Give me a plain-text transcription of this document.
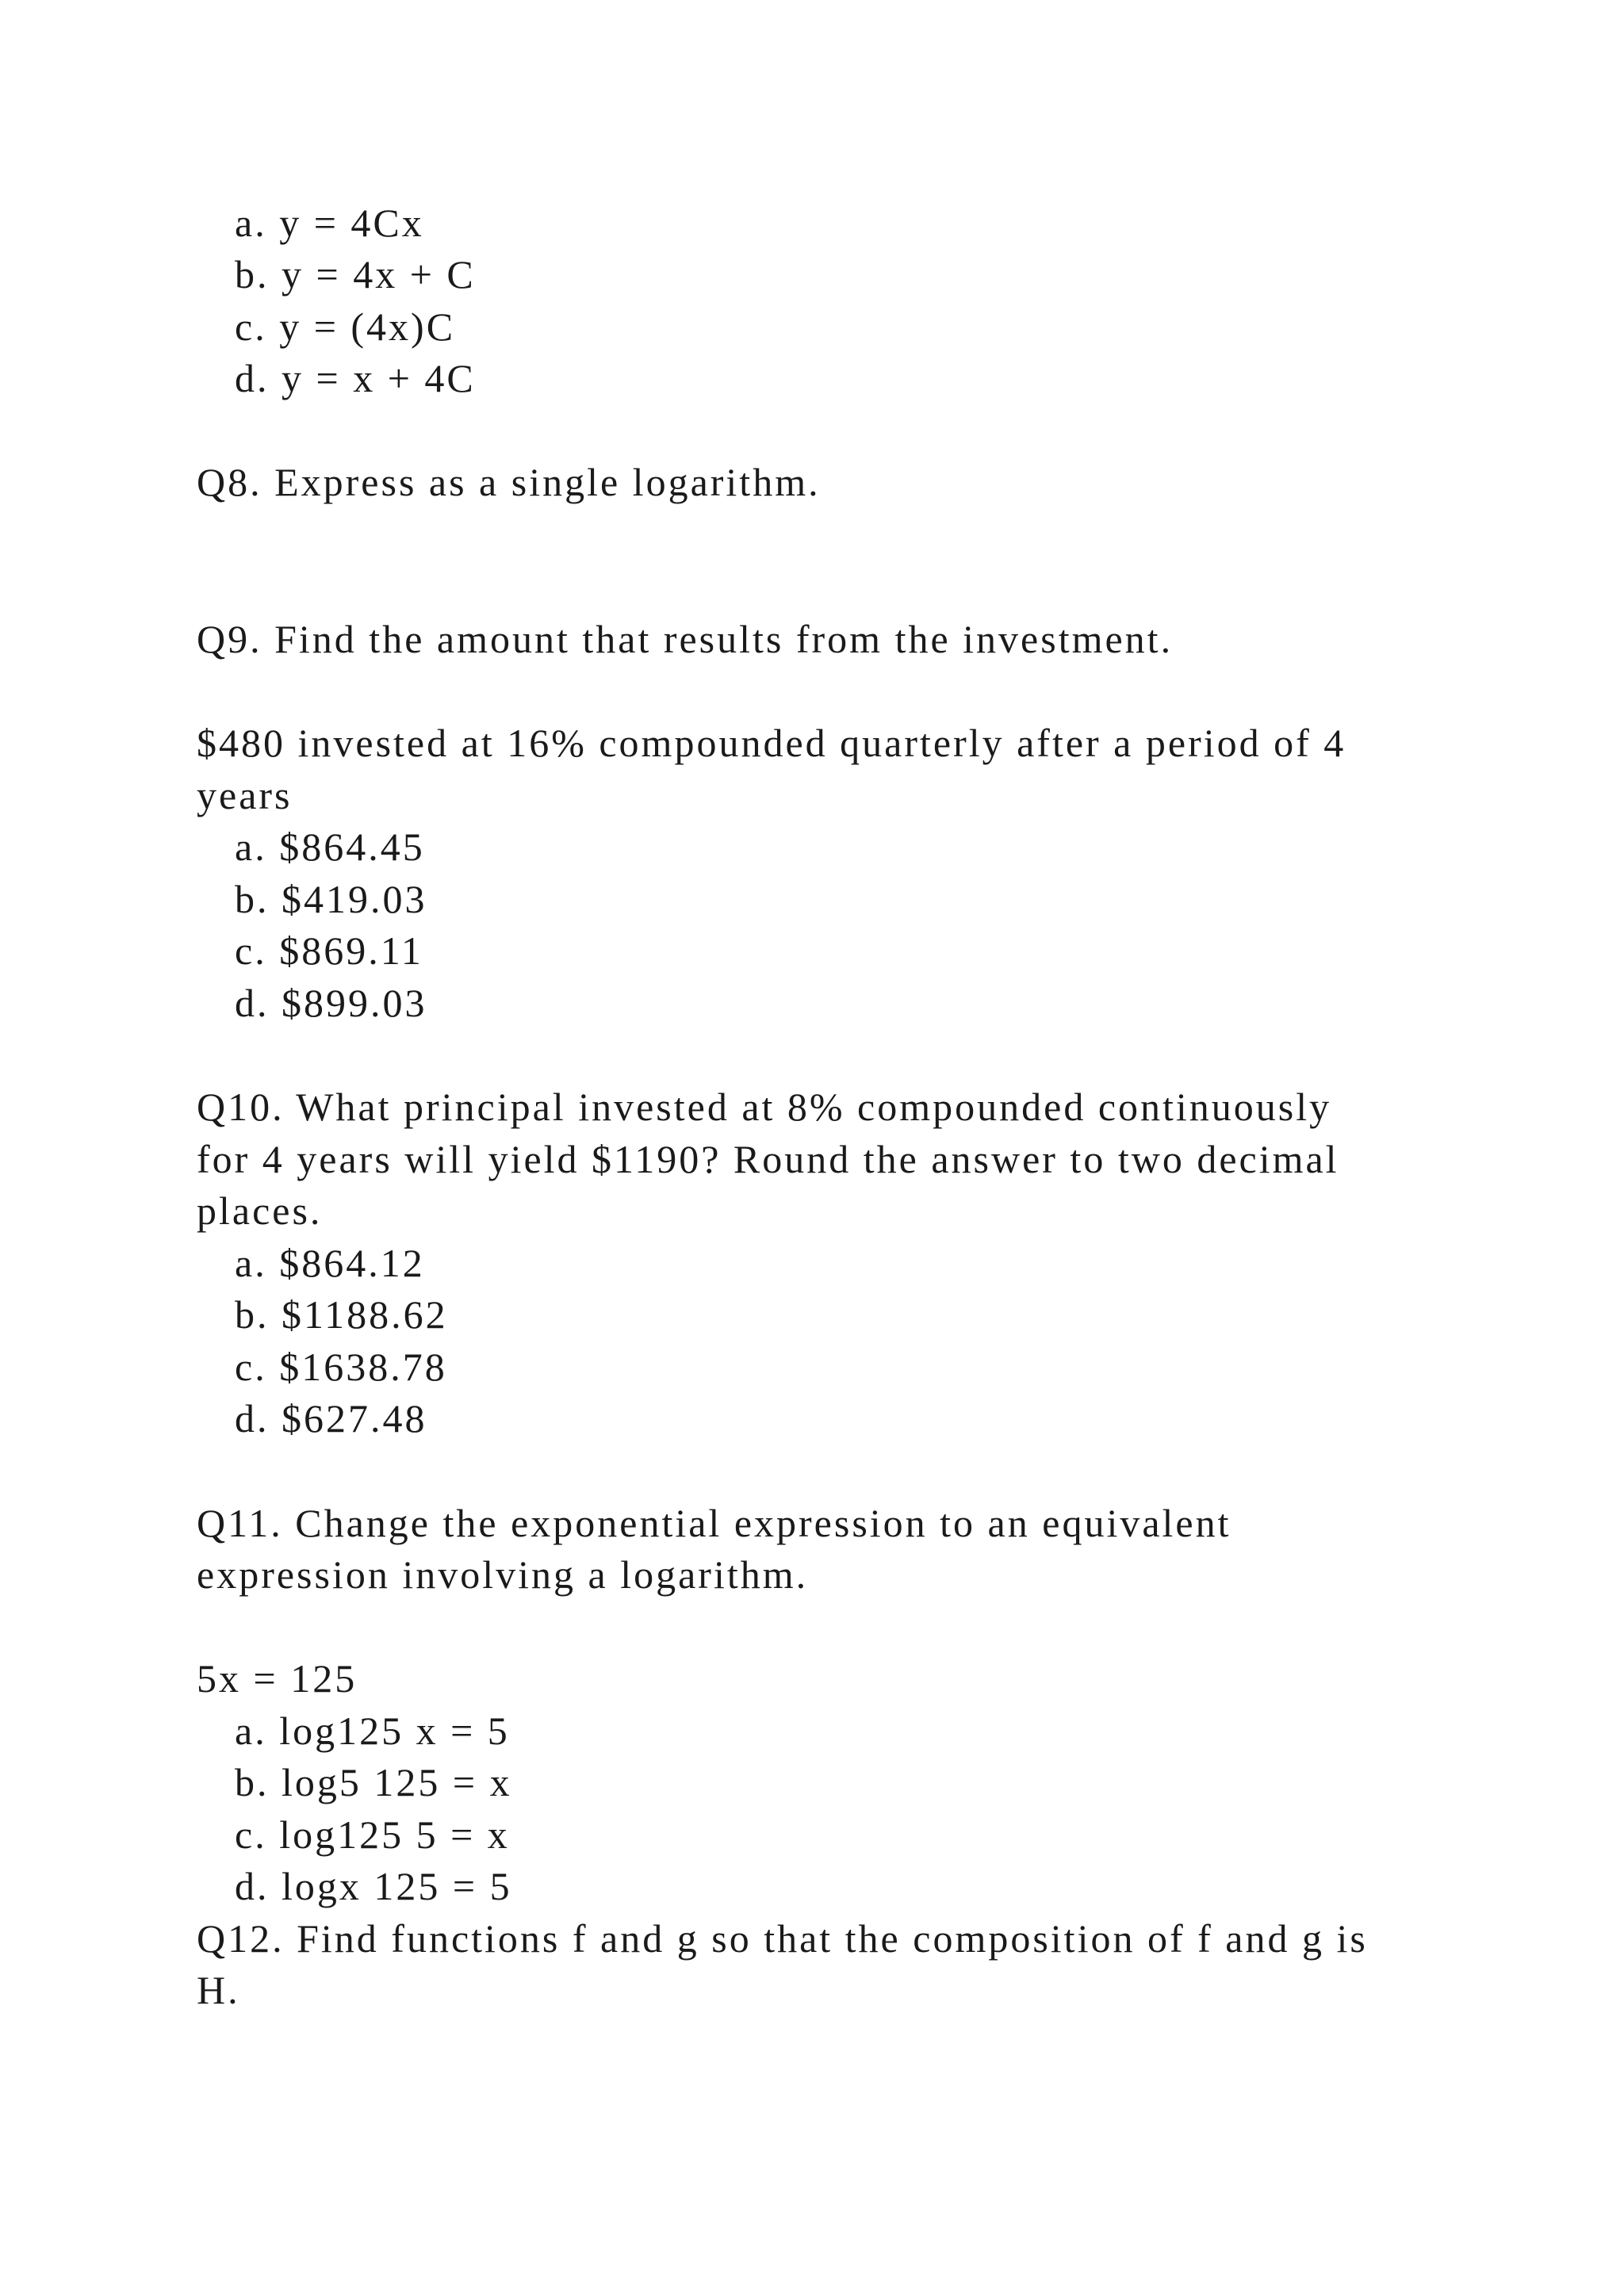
a. y = 4Cx
b. y = 4x + C
c. y = (4x)C
d. y = x + 4C
Q8. Express as a single logarithm.
Q9. Find the amount that results from the investment.
$480 invested at 16% compounded quarterly after a period of 4
years
a. $864.45
b. $419.03
c. $869.11
d. $899.03
Q10. What principal invested at 8% compounded continuously
for 4 years will yield $1190? Round the answer to two decimal
places.
a. $864.12
b. $1188.62
c. $1638.78
d. $627.48
Q11. Change the exponential expression to an equivalent
expression involving a logarithm.
5x = 125
a. log125 x = 5
b. log5 125 = x
c. log125 5 = x
d. logx 125 = 5
Q12. Find functions f and g so that the composition of f and g is
H.
